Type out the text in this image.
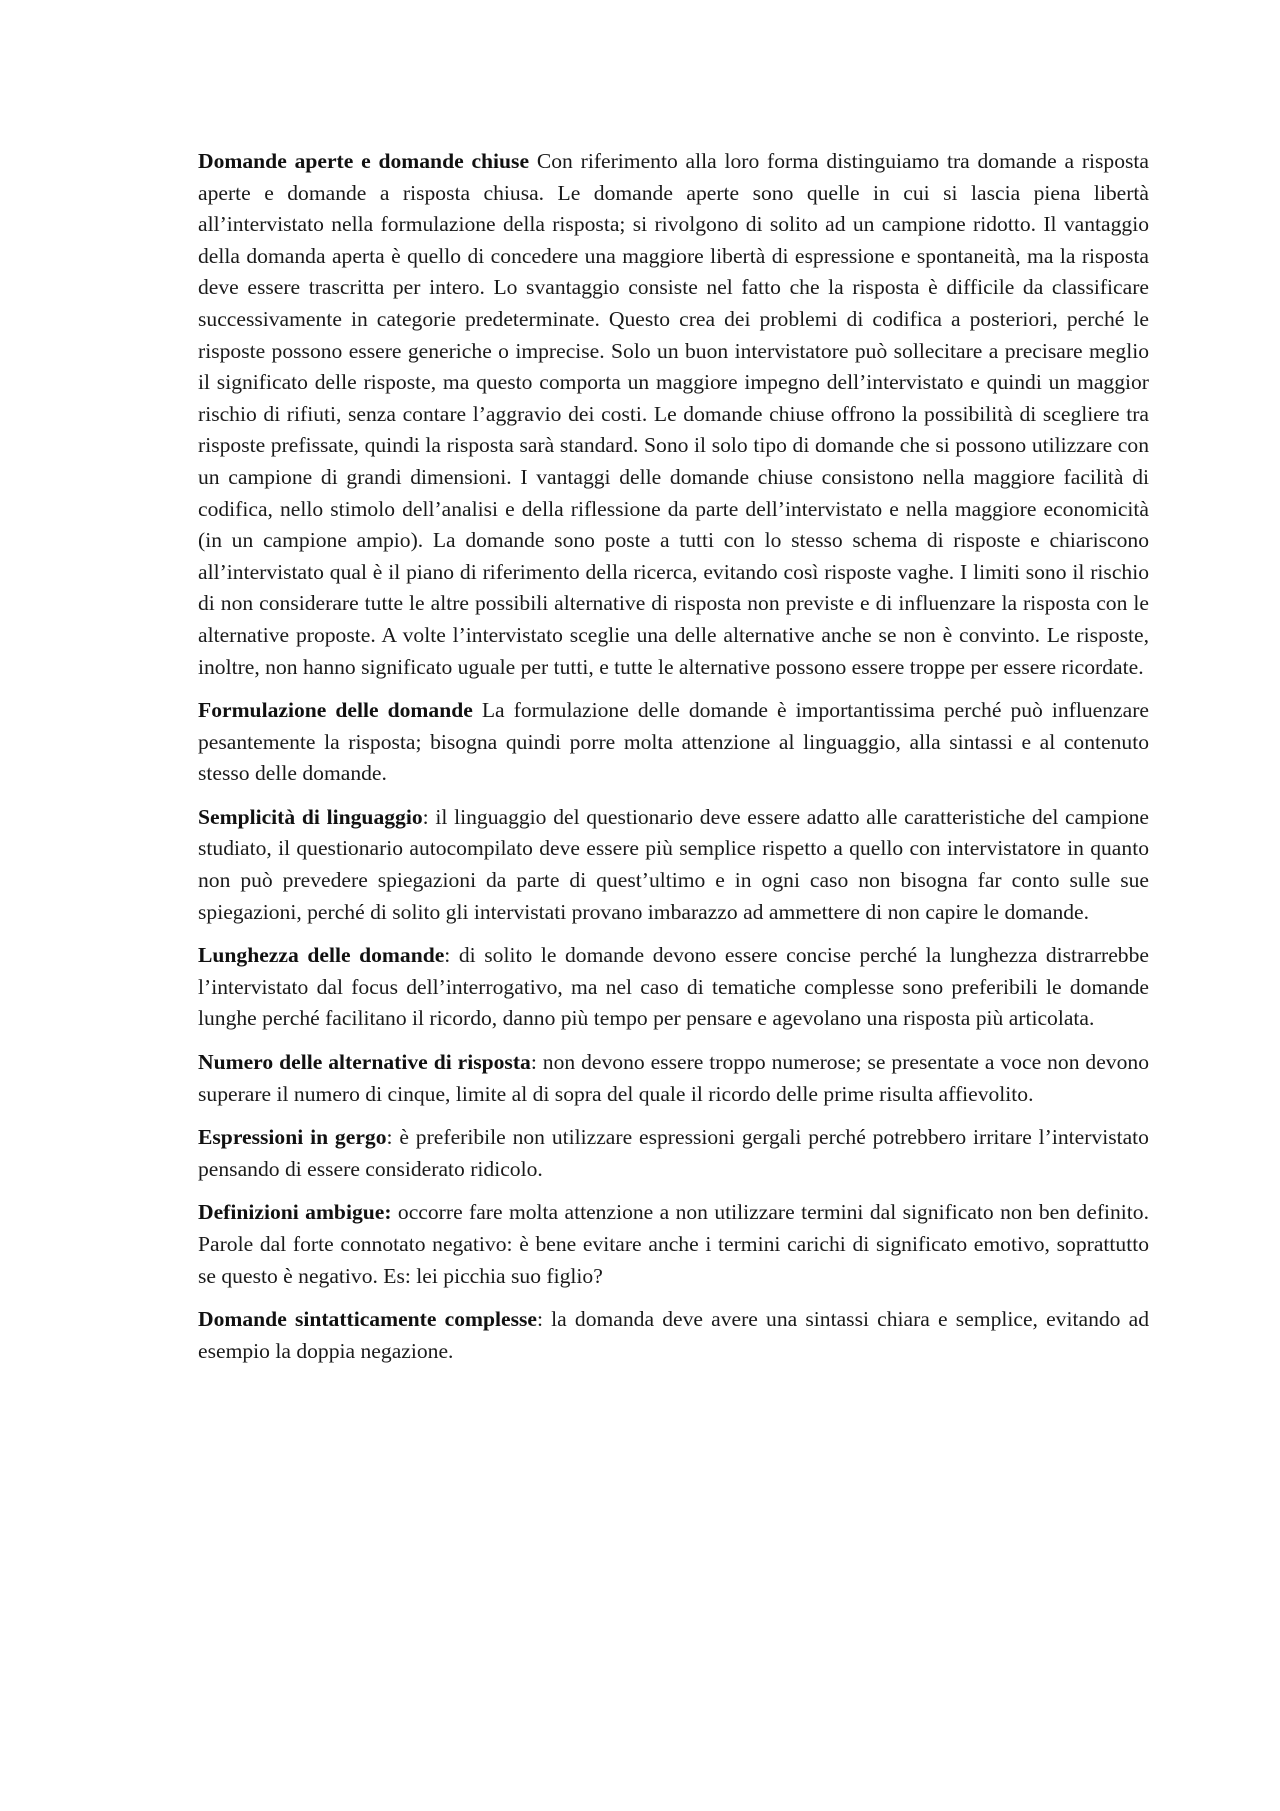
Domande aperte e domande chiuse Con riferimento alla loro forma distinguiamo tra domande a risposta aperte e domande a risposta chiusa. Le domande aperte sono quelle in cui si lascia piena libertà all’intervistato nella formulazione della risposta; si rivolgono di solito ad un campione ridotto. Il vantaggio della domanda aperta è quello di concedere una maggiore libertà di espressione e spontaneità, ma la risposta deve essere trascritta per intero. Lo svantaggio consiste nel fatto che la risposta è difficile da classificare successivamente in categorie predeterminate. Questo crea dei problemi di codifica a posteriori, perché le risposte possono essere generiche o imprecise. Solo un buon intervistatore può sollecitare a precisare meglio il significato delle risposte, ma questo comporta un maggiore impegno dell’intervistato e quindi un maggior rischio di rifiuti, senza contare l’aggravio dei costi. Le domande chiuse offrono la possibilità di scegliere tra risposte prefissate, quindi la risposta sarà standard. Sono il solo tipo di domande che si possono utilizzare con un campione di grandi dimensioni. I vantaggi delle domande chiuse consistono nella maggiore facilità di codifica, nello stimolo dell’analisi e della riflessione da parte dell’intervistato e nella maggiore economicità (in un campione ampio). La domande sono poste a tutti con lo stesso schema di risposte e chiariscono all’intervistato qual è il piano di riferimento della ricerca, evitando così risposte vaghe. I limiti sono il rischio di non considerare tutte le altre possibili alternative di risposta non previste e di influenzare la risposta con le alternative proposte. A volte l’intervistato sceglie una delle alternative anche se non è convinto. Le risposte, inoltre, non hanno significato uguale per tutti, e tutte le alternative possono essere troppe per essere ricordate.

Formulazione delle domande La formulazione delle domande è importantissima perché può influenzare pesantemente la risposta; bisogna quindi porre molta attenzione al linguaggio, alla sintassi e al contenuto stesso delle domande.

Semplicità di linguaggio: il linguaggio del questionario deve essere adatto alle caratteristiche del campione studiato, il questionario autocompilato deve essere più semplice rispetto a quello con intervistatore in quanto non può prevedere spiegazioni da parte di quest’ultimo e in ogni caso non bisogna far conto sulle sue spiegazioni, perché di solito gli intervistati provano imbarazzo ad ammettere di non capire le domande.

Lunghezza delle domande: di solito le domande devono essere concise perché la lunghezza distrarrebbe l’intervistato dal focus dell’interrogativo, ma nel caso di tematiche complesse sono preferibili le domande lunghe perché facilitano il ricordo, danno più tempo per pensare e agevolano una risposta più articolata.

Numero delle alternative di risposta: non devono essere troppo numerose; se presentate a voce non devono superare il numero di cinque, limite al di sopra del quale il ricordo delle prime risulta affievolito.

Espressioni in gergo: è preferibile non utilizzare espressioni gergali perché potrebbero irritare l’intervistato pensando di essere considerato ridicolo.

Definizioni ambigue: occorre fare molta attenzione a non utilizzare termini dal significato non ben definito. Parole dal forte connotato negativo: è bene evitare anche i termini carichi di significato emotivo, soprattutto se questo è negativo. Es: lei picchia suo figlio?

Domande sintatticamente complesse: la domanda deve avere una sintassi chiara e semplice, evitando ad esempio la doppia negazione.
